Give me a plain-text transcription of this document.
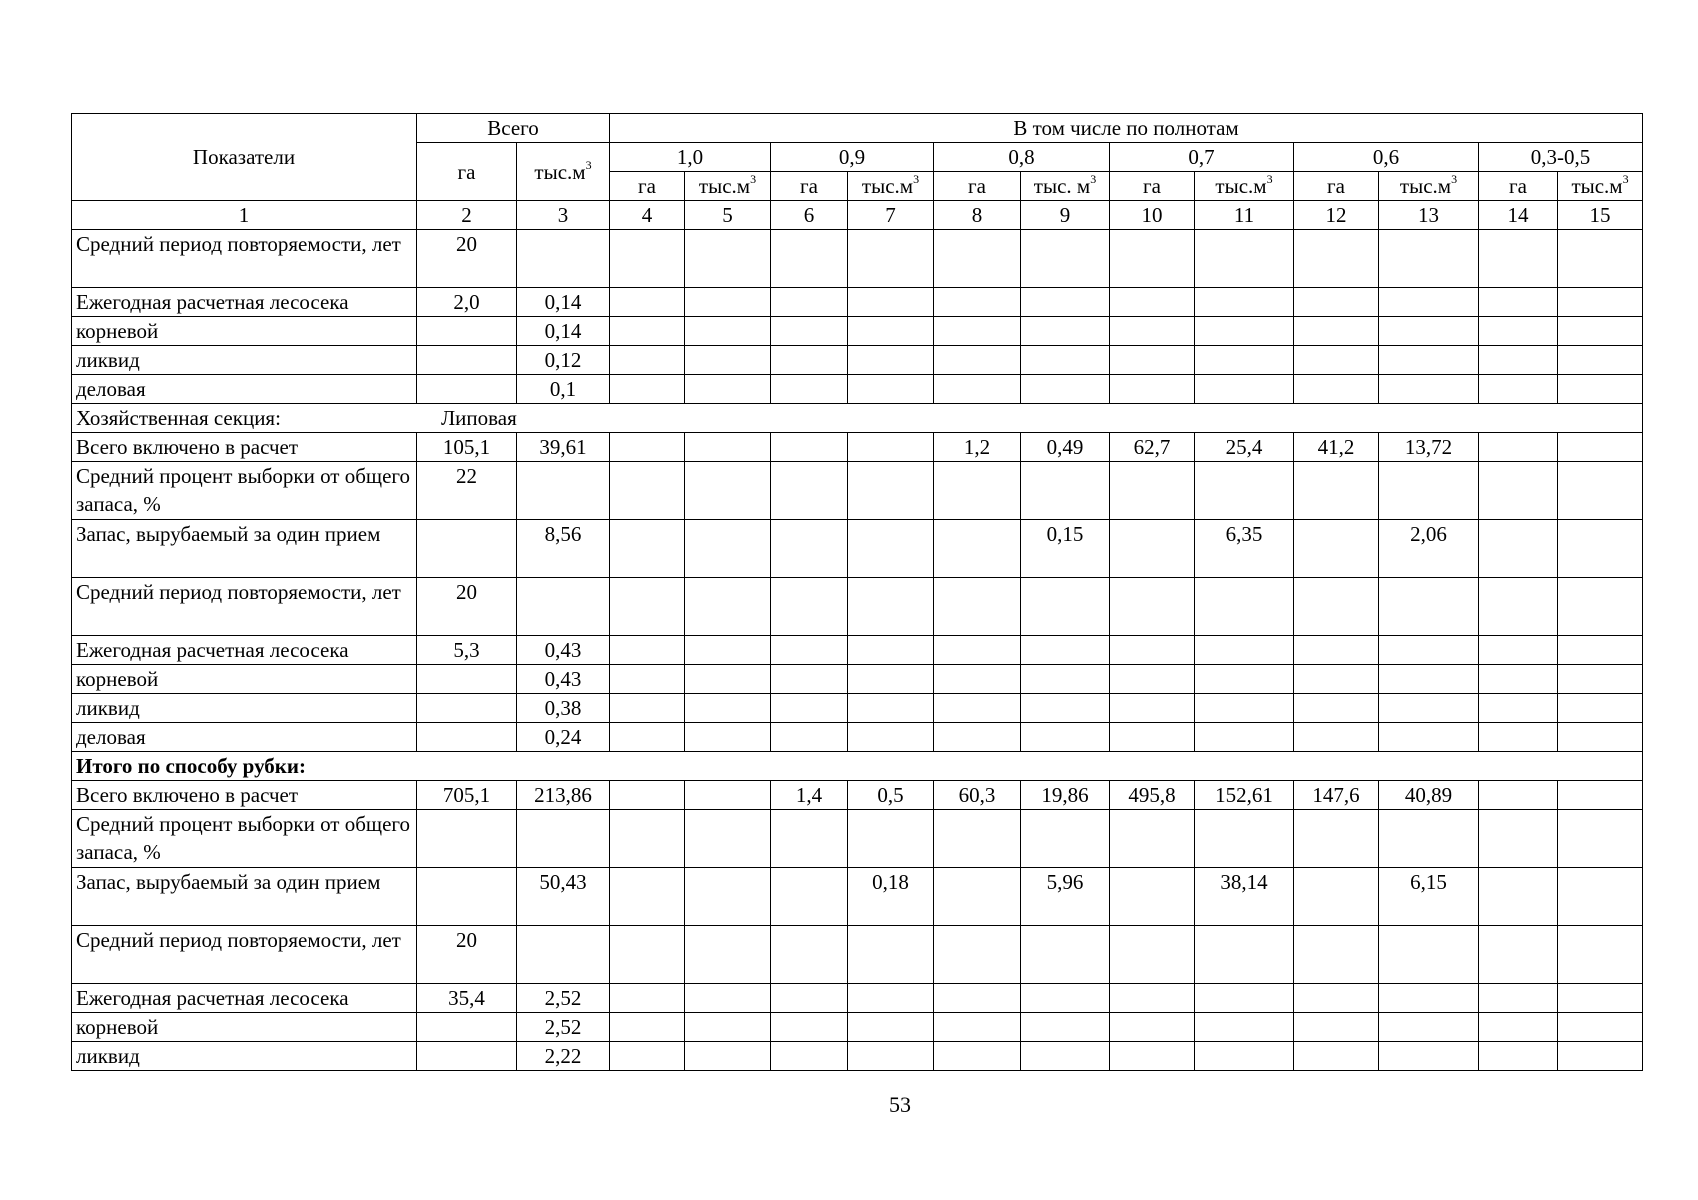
Показатели	Всего		В том числе по полнотам											
	га	$тыс.м^3$	1,0		0,9		0,8		0,7		0,6		0,3-0,5	
			га	$тыс.м^3$	га	$тыс.м^3$	га	тыс. $м^3$	га	$тыс.м^3$	га	$тыс.м^3$	га	$тыс.м^3$
1	2	3	4	5	6	7	8	9	10	11	12	13	14	15
Средний период повторяемости, лет	20													
Ежегодная расчетная лесосека	2,0	0,14												
корневой		0,14												
ликвид		0,12												
деловая		0,1												
Хозяйственная секция: Липовая														
Всего включено в расчет	105,1	39,61					1,2	0,49	62,7	25,4	41,2	13,72		
Средний процент выборки от общего запаса, %	22													
Запас, вырубаемый за один прием		8,56						0,15		6,35		2,06		
Средний период повторяемости, лет	20													
Ежегодная расчетная лесосека	5,3	0,43												
корневой		0,43												
ликвид		0,38												
деловая		0,24												
Итого по способу рубки:														
Всего включено в расчет	705,1	213,86			1,4	0,5	60,3	19,86	495,8	152,61	147,6	40,89		
Средний процент выборки от общего запаса, %														
Запас, вырубаемый за один прием		50,43				0,18		5,96		38,14		6,15		
Средний период повторяемости, лет	20													
Ежегодная расчетная лесосека	35,4	2,52												
корневой		2,52												
ликвид		2,22												
53
